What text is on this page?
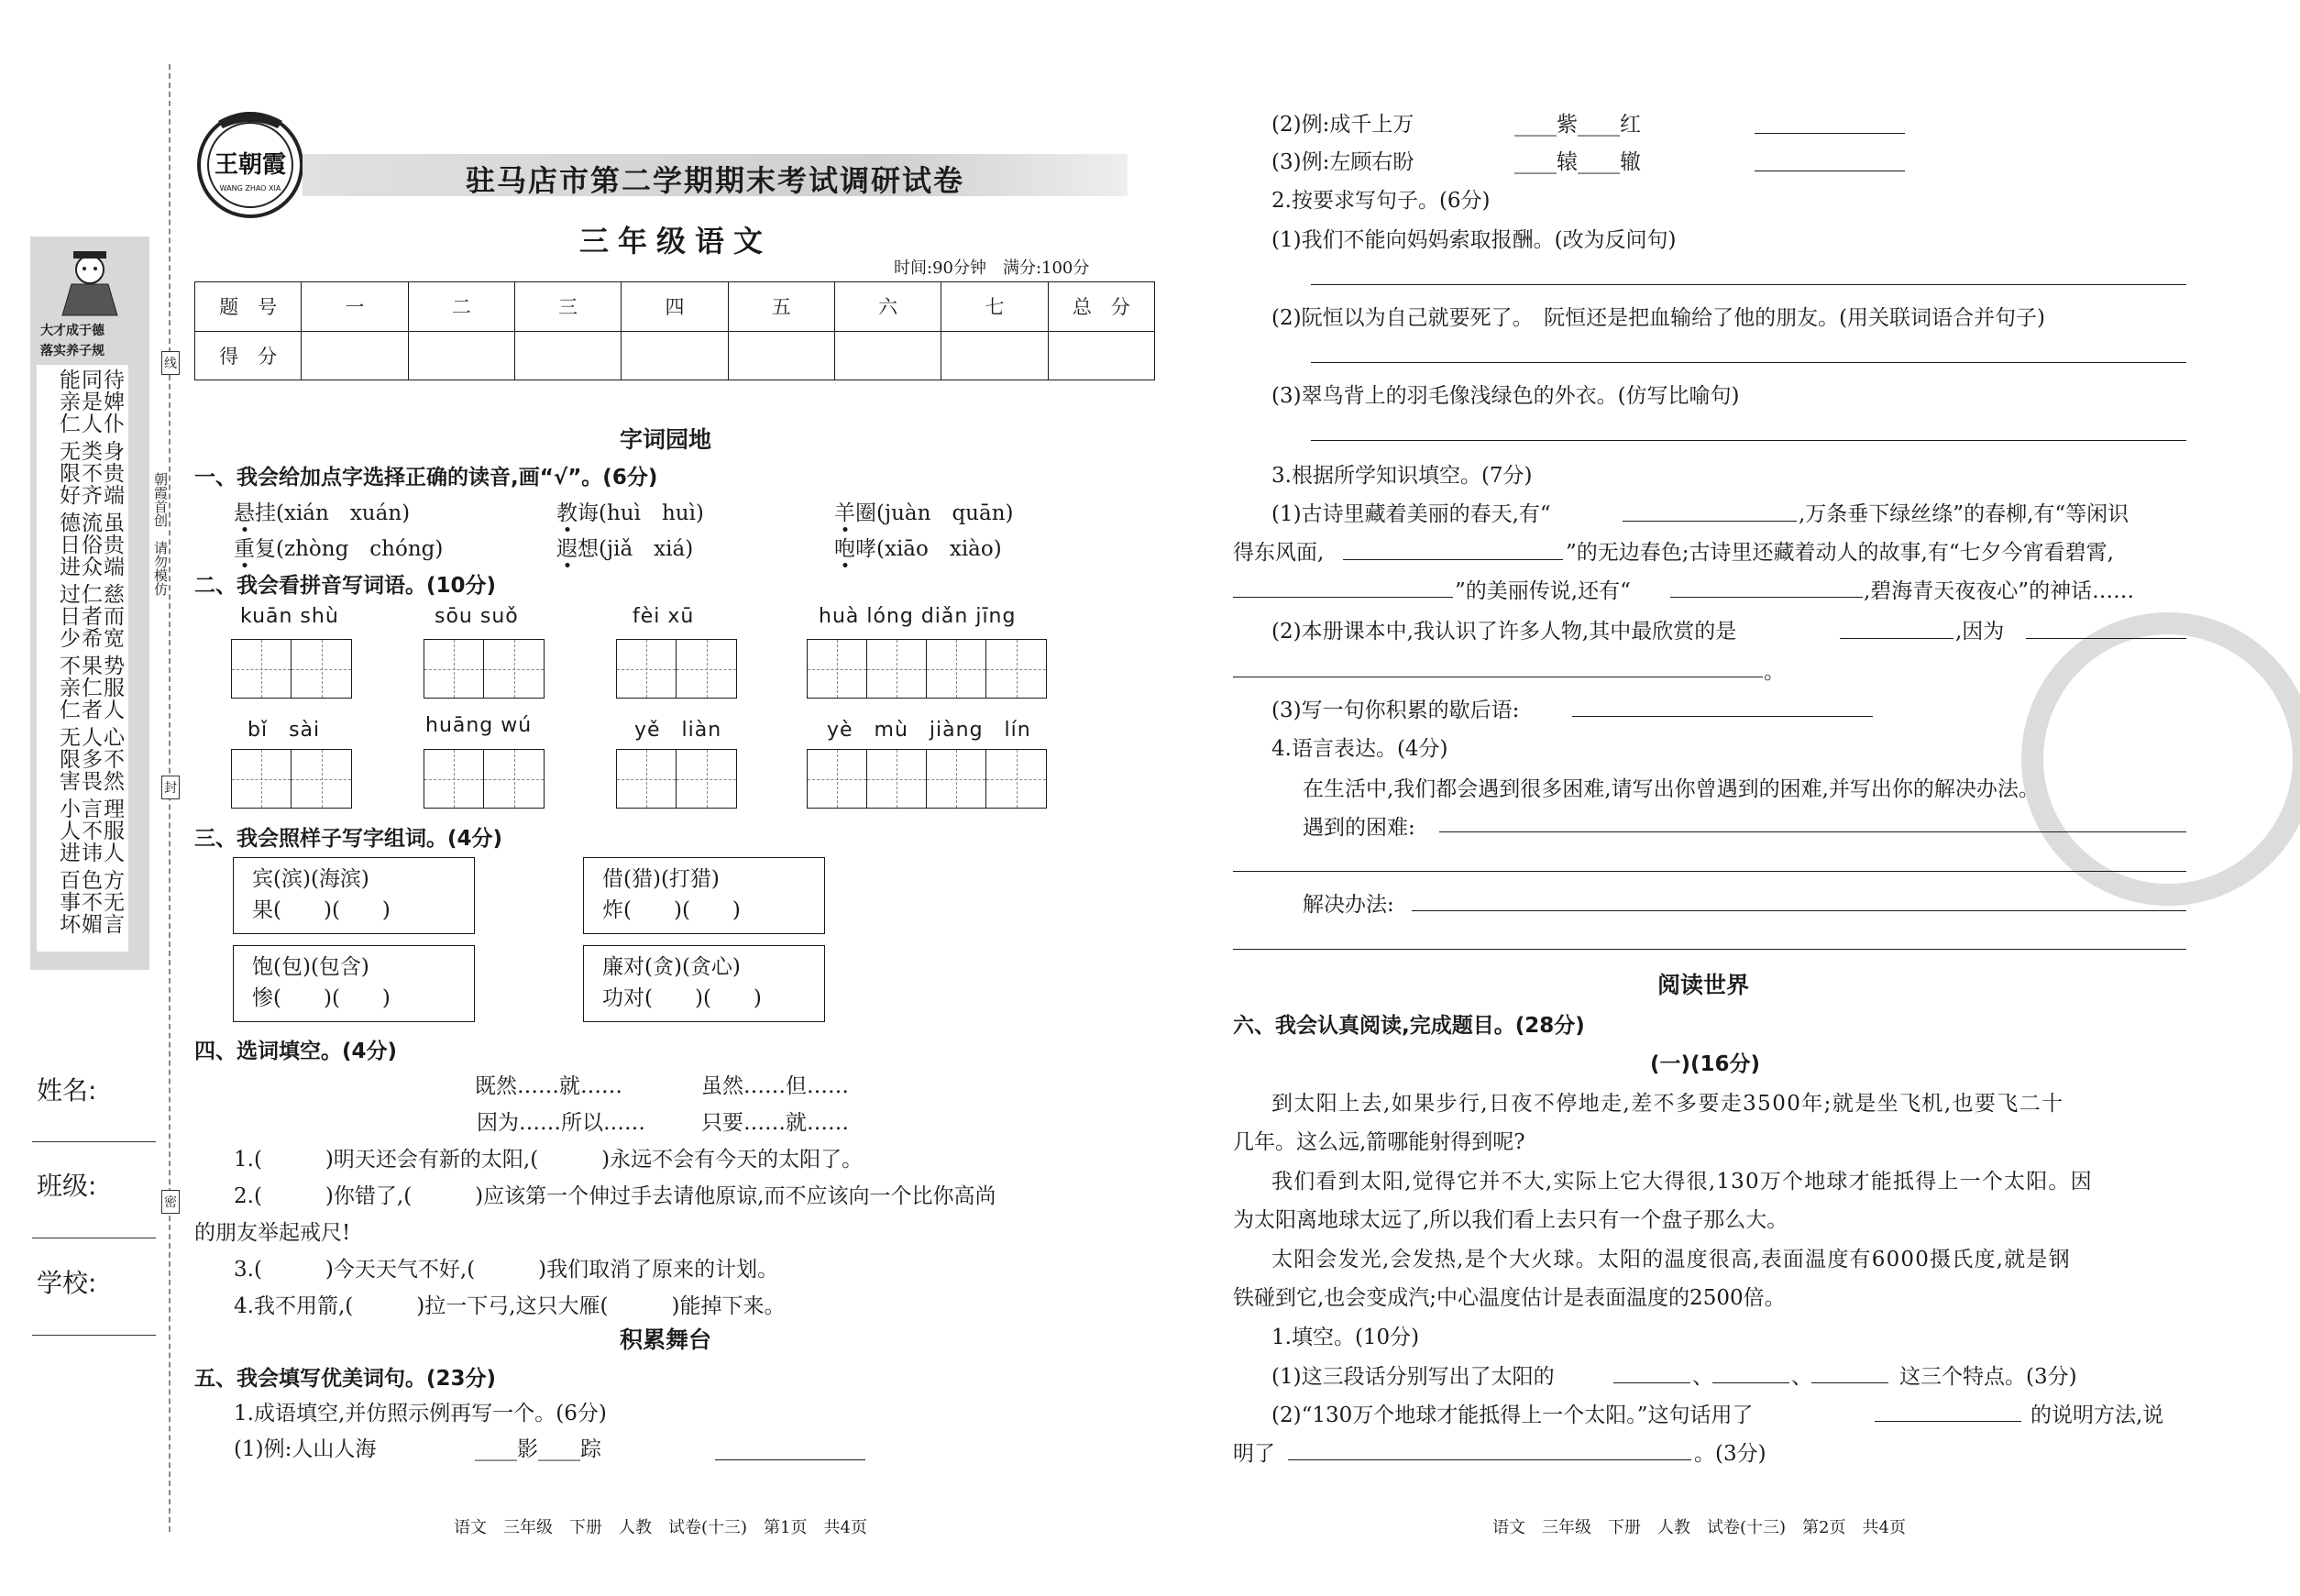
线
朝霞首创　请勿模仿
封
密
大才成于德
落实养子规
能亲仁
同是人
待婢仆
无限好
类不齐
身贵端
德日进
流俗众
虽贵端
过日少
仁者希
慈而宽
不亲仁
果仁者
势服人
无限害
人多畏
心不然
小人进
言不讳
理服人
百事坏
色不媚
方无言
姓名:
班级:
学校:
王朝霞
WANG ZHAO XIA	驻马店市第二学期期末考试调研试卷
三年级语文
时间:90分钟　满分:100分
题　号	一	二	三	四	五	六	七	总　分
得　分								
字词园地
一、我会给加点字选择正确的读音,画“√”。(6分)
悬挂(xián　xuán)	教诲(huì　huì)	羊圈(juàn　quān)
重复(zhòng　chóng)	遐想(jiǎ　xiá)	咆哮(xiāo　xiào)
二、我会看拼音写词语。(10分)
kuān shù	sōu suǒ	fèi xū	huà lóng diǎn jīng
bǐ　sài	huāng wú	yě　liàn	yè　mù　jiàng　lín
三、我会照样子写字组词。(4分)
宾(滨)(海滨)
果(　　)(　　)
借(猎)(打猎)
炸(　　)(　　)
饱(包)(包含)
惨(　　)(　　)
廉对(贪)(贪心)
功对(　　)(　　)
四、选词填空。(4分)
既然……就……	虽然……但……
因为……所以……	只要……就……
1.(　　　)明天还会有新的太阳,(　　　)永远不会有今天的太阳了。
2.(　　　)你错了,(　　　)应该第一个伸过手去请他原谅,而不应该向一个比你高尚
的朋友举起戒尺!
3.(　　　)今天天气不好,(　　　)我们取消了原来的计划。
4.我不用箭,(　　　)拉一下弓,这只大雁(　　　)能掉下来。
积累舞台
五、我会填写优美词句。(23分)
1.成语填空,并仿照示例再写一个。(6分)
(1)例:人山人海	____影____踪
语文　三年级　下册　人教　试卷(十三)　第1页　共4页
(2)例:成千上万	____紫____红
(3)例:左顾右盼	____辕____辙
2.按要求写句子。(6分)
(1)我们不能向妈妈索取报酬。(改为反问句)
(2)阮恒以为自己就要死了。　阮恒还是把血输给了他的朋友。(用关联词语合并句子)
(3)翠鸟背上的羽毛像浅绿色的外衣。(仿写比喻句)
3.根据所学知识填空。(7分)
(1)古诗里藏着美丽的春天,有“	,万条垂下绿丝绦”的春柳,有“等闲识
得东风面,	”的无边春色;古诗里还藏着动人的故事,有“七夕今宵看碧霄,
”的美丽传说,还有“	,碧海青天夜夜心”的神话……
(2)本册课本中,我认识了许多人物,其中最欣赏的是	,因为
。
(3)写一句你积累的歇后语:
4.语言表达。(4分)
在生活中,我们都会遇到很多困难,请写出你曾遇到的困难,并写出你的解决办法。
遇到的困难:
解决办法:
阅读世界
六、我会认真阅读,完成题目。(28分)
(一)(16分)
到太阳上去,如果步行,日夜不停地走,差不多要走3500年;就是坐飞机,也要飞二十
几年。这么远,箭哪能射得到呢?
我们看到太阳,觉得它并不大,实际上它大得很,130万个地球才能抵得上一个太阳。因
为太阳离地球太远了,所以我们看上去只有一个盘子那么大。
太阳会发光,会发热,是个大火球。太阳的温度很高,表面温度有6000摄氏度,就是钢
铁碰到它,也会变成汽;中心温度估计是表面温度的2500倍。
1.填空。(10分)
(1)这三段话分别写出了太阳的	、	、	这三个特点。(3分)
(2)“130万个地球才能抵得上一个太阳。”这句话用了	的说明方法,说
明了	。(3分)
语文　三年级　下册　人教　试卷(十三)　第2页　共4页
